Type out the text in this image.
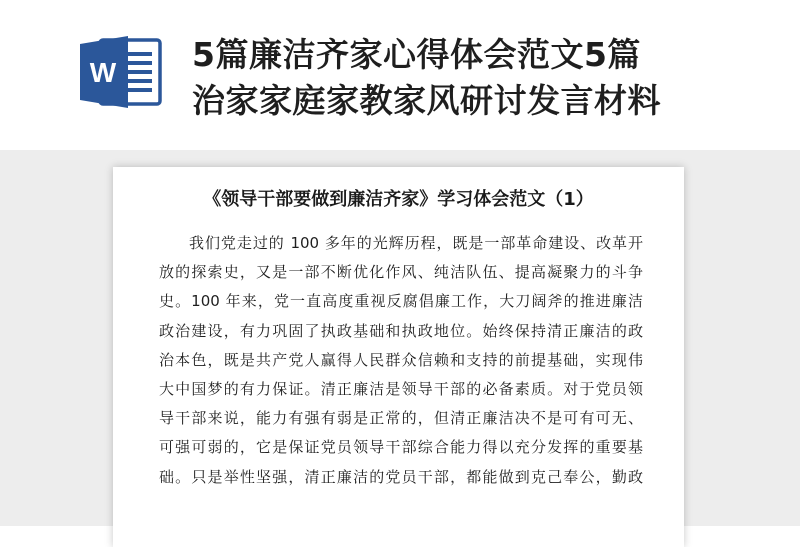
W 5篇廉洁齐家心得体会范文5篇
治家家庭家教家风研讨发言材料
《领导干部要做到廉洁齐家》学习体会范文（1）
我们党走过的 100 多年的光辉历程，既是一部革命建设、改革开
放的探索史，又是一部不断优化作风、纯洁队伍、提高凝聚力的斗争
史。100 年来，党一直高度重视反腐倡廉工作，大刀阔斧的推进廉洁
政治建设，有力巩固了执政基础和执政地位。始终保持清正廉洁的政
治本色，既是共产党人赢得人民群众信赖和支持的前提基础，实现伟
大中国梦的有力保证。清正廉洁是领导干部的必备素质。对于党员领
导干部来说，能力有强有弱是正常的，但清正廉洁决不是可有可无、
可强可弱的，它是保证党员领导干部综合能力得以充分发挥的重要基
础。只是举性坚强，清正廉洁的党员干部，都能做到克己奉公，勤政
